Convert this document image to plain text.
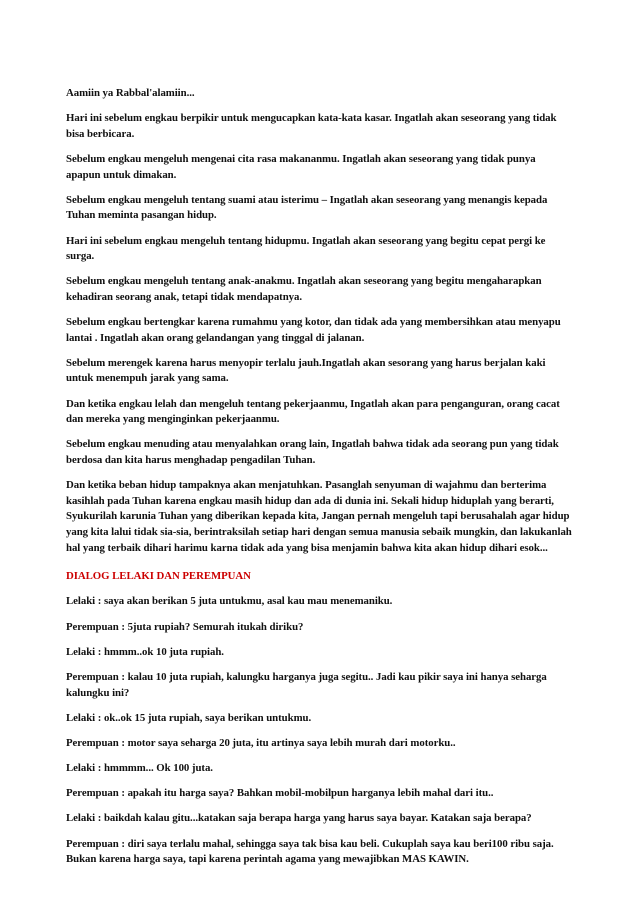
Aamiin ya Rabbal'alamiin...

Hari ini sebelum engkau berpikir untuk mengucapkan kata-kata kasar. Ingatlah akan seseorang yang tidak bisa berbicara.

Sebelum engkau mengeluh mengenai cita rasa makananmu. Ingatlah akan seseorang yang tidak punya apapun untuk dimakan.

Sebelum engkau mengeluh tentang suami atau isterimu – Ingatlah akan seseorang yang menangis kepada Tuhan meminta pasangan hidup.

Hari ini sebelum engkau mengeluh tentang hidupmu. Ingatlah akan seseorang yang begitu cepat pergi ke surga.

Sebelum engkau mengeluh tentang anak-anakmu. Ingatlah akan seseorang yang begitu mengaharapkan kehadiran seorang anak, tetapi tidak mendapatnya.

Sebelum engkau bertengkar karena rumahmu yang kotor, dan tidak ada yang membersihkan atau menyapu lantai . Ingatlah akan orang gelandangan yang tinggal di jalanan.

Sebelum merengek karena harus menyopir terlalu jauh.Ingatlah akan sesorang yang harus berjalan kaki untuk menempuh jarak yang sama.

Dan ketika engkau lelah dan mengeluh tentang pekerjaanmu, Ingatlah akan para penganguran, orang cacat dan mereka yang menginginkan pekerjaanmu.

Sebelum engkau menuding atau menyalahkan orang lain, Ingatlah bahwa tidak ada seorang pun yang tidak berdosa dan kita harus menghadap pengadilan Tuhan.

Dan ketika beban hidup tampaknya akan menjatuhkan. Pasanglah senyuman di wajahmu dan berterima kasihlah pada Tuhan karena engkau masih hidup dan ada di dunia ini. Sekali hidup hiduplah yang berarti, Syukurilah karunia Tuhan yang diberikan kepada kita, Jangan pernah mengeluh tapi berusahalah agar hidup yang kita lalui tidak sia-sia, berintraksilah setiap hari dengan semua manusia sebaik mungkin, dan lakukanlah hal yang terbaik dihari harimu karna tidak ada yang bisa menjamin bahwa kita akan hidup dihari esok...

DIALOG LELAKI DAN PEREMPUAN

Lelaki : saya akan berikan 5 juta untukmu, asal kau mau menemaniku.

Perempuan : 5juta rupiah? Semurah itukah diriku?

Lelaki : hmmm..ok 10 juta rupiah.

Perempuan : kalau 10 juta rupiah, kalungku harganya juga segitu.. Jadi kau pikir saya ini hanya seharga kalungku ini?

Lelaki : ok..ok 15 juta rupiah, saya berikan untukmu.

Perempuan : motor saya seharga 20 juta, itu artinya saya lebih murah dari motorku..

Lelaki : hmmmm... Ok 100 juta.

Perempuan : apakah itu harga saya? Bahkan mobil-mobilpun harganya lebih mahal dari itu..

Lelaki : baikdah kalau gitu...katakan saja berapa harga yang harus saya bayar. Katakan saja berapa?

Perempuan : diri saya terlalu mahal, sehingga saya tak bisa kau beli. Cukuplah saya kau beri100 ribu saja. Bukan karena harga saya, tapi karena perintah agama yang mewajibkan MAS KAWIN.
